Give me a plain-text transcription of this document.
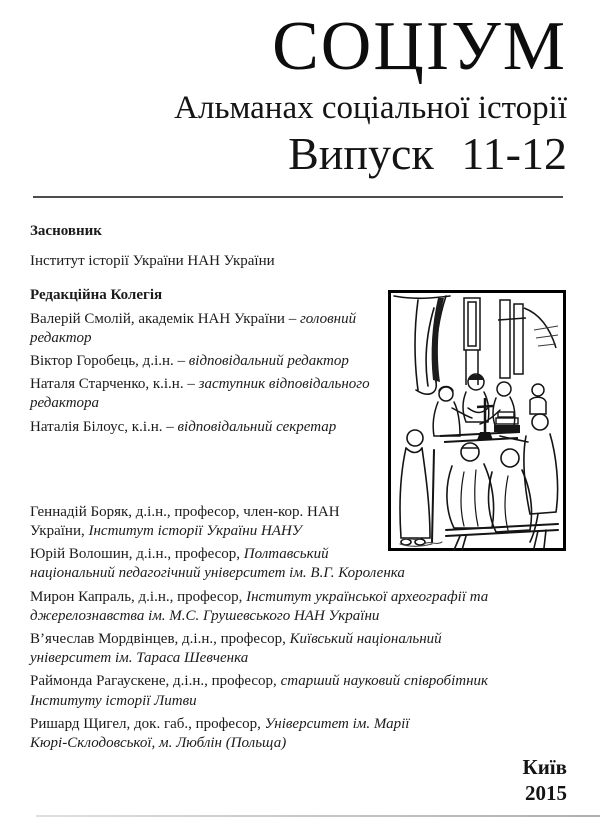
СОЦІУМ
Альманах соціальної історії
Випуск 11-12

Засновник

Інститут історії України НАН України

Редакційна Колегія

Валерій Смолій, академік НАН України – головний редактор
Віктор Горобець, д.і.н. – відповідальний редактор
Наталя Старченко, к.і.н. – заступник відповідального редактора
Наталія Білоус, к.і.н. – відповідальний секретар
Геннадій Боряк, д.і.н., професор, член-кор. НАН України, Інститут історії України НАНУ
Юрій Волошин, д.і.н., професор, Полтавський національний педагогічний університет ім. В.Г. Короленка
Мирон Капраль, д.і.н., професор, Інститут української археографії та джерелознавства ім. М.С. Грушевського НАН України
В’ячеслав Мордвінцев, д.і.н., професор, Київський національний університет ім. Тараса Шевченка
Раймонда Рагаускене, д.і.н., професор, старший науковий співробітник Інституту історії Литви
Ришард Щигел, док. габ., професор, Університет ім. Марії Кюрі-Склодовської, м. Люблін (Польща)
Київ
2015
